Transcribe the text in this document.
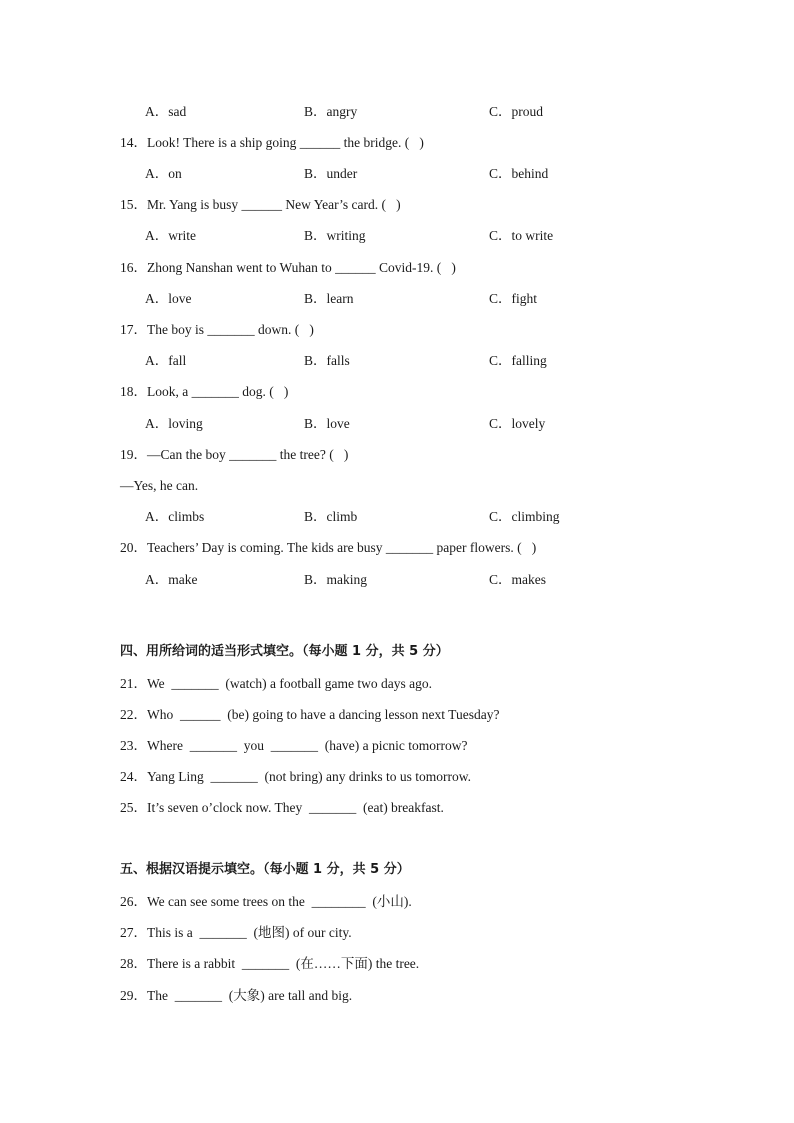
A．sad	B．angry	C．proud
14．Look! There is a ship going ______ the bridge. (   )
A．on	B．under	C．behind
15．Mr. Yang is busy ______ New Year’s card. (   )
A．write	B．writing	C．to write
16．Zhong Nanshan went to Wuhan to ______ Covid-19. (   )
A．love	B．learn	C．fight
17．The boy is _______ down. (   )
A．fall	B．falls	C．falling
18．Look, a _______ dog. (   )
A．loving	B．love	C．lovely
19．—Can the boy _______ the tree? (   )
—Yes, he can.
A．climbs	B．climb	C．climbing
20．Teachers’ Day is coming. The kids are busy _______ paper flowers. (   )
A．make	B．making	C．makes
四、用所给词的适当形式填空。（每小题 1 分，共 5 分）
21．We  _______  (watch) a football game two days ago.
22．Who  ______  (be) going to have a dancing lesson next Tuesday?
23．Where  _______  you  _______  (have) a picnic tomorrow?
24．Yang Ling  _______  (not bring) any drinks to us tomorrow.
25．It’s seven o’clock now. They  _______  (eat) breakfast.
五、根据汉语提示填空。（每小题 1 分，共 5 分）
26．We can see some trees on the  ________  (小山).
27．This is a  _______  (地图) of our city.
28．There is a rabbit  _______  (在……下面) the tree.
29．The  _______  (大象) are tall and big.
